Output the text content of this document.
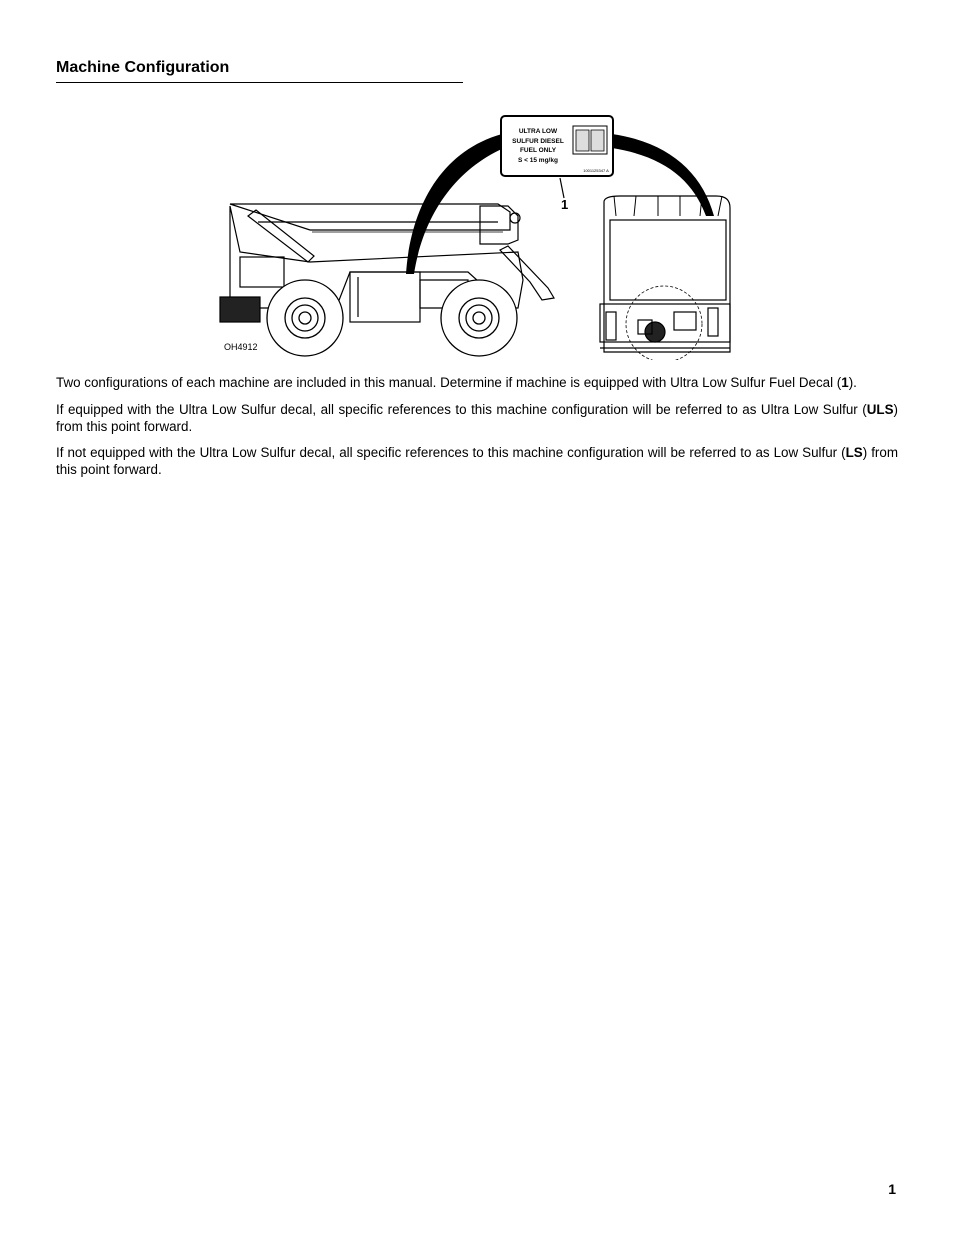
Machine Configuration
ULTRA LOW
SULFUR DIESEL
FUEL ONLY
S < 15 mg/kg
1001125347 A
1
OH4912

Two configurations of each machine are included in this manual. Determine if machine is equipped with Ultra Low Sulfur Fuel Decal (1).

If equipped with the Ultra Low Sulfur decal, all specific references to this machine configuration will be referred to as Ultra Low Sulfur (ULS) from this point forward.

If not equipped with the Ultra Low Sulfur decal, all specific references to this machine configuration will be referred to as Low Sulfur (LS) from this point forward.

1
